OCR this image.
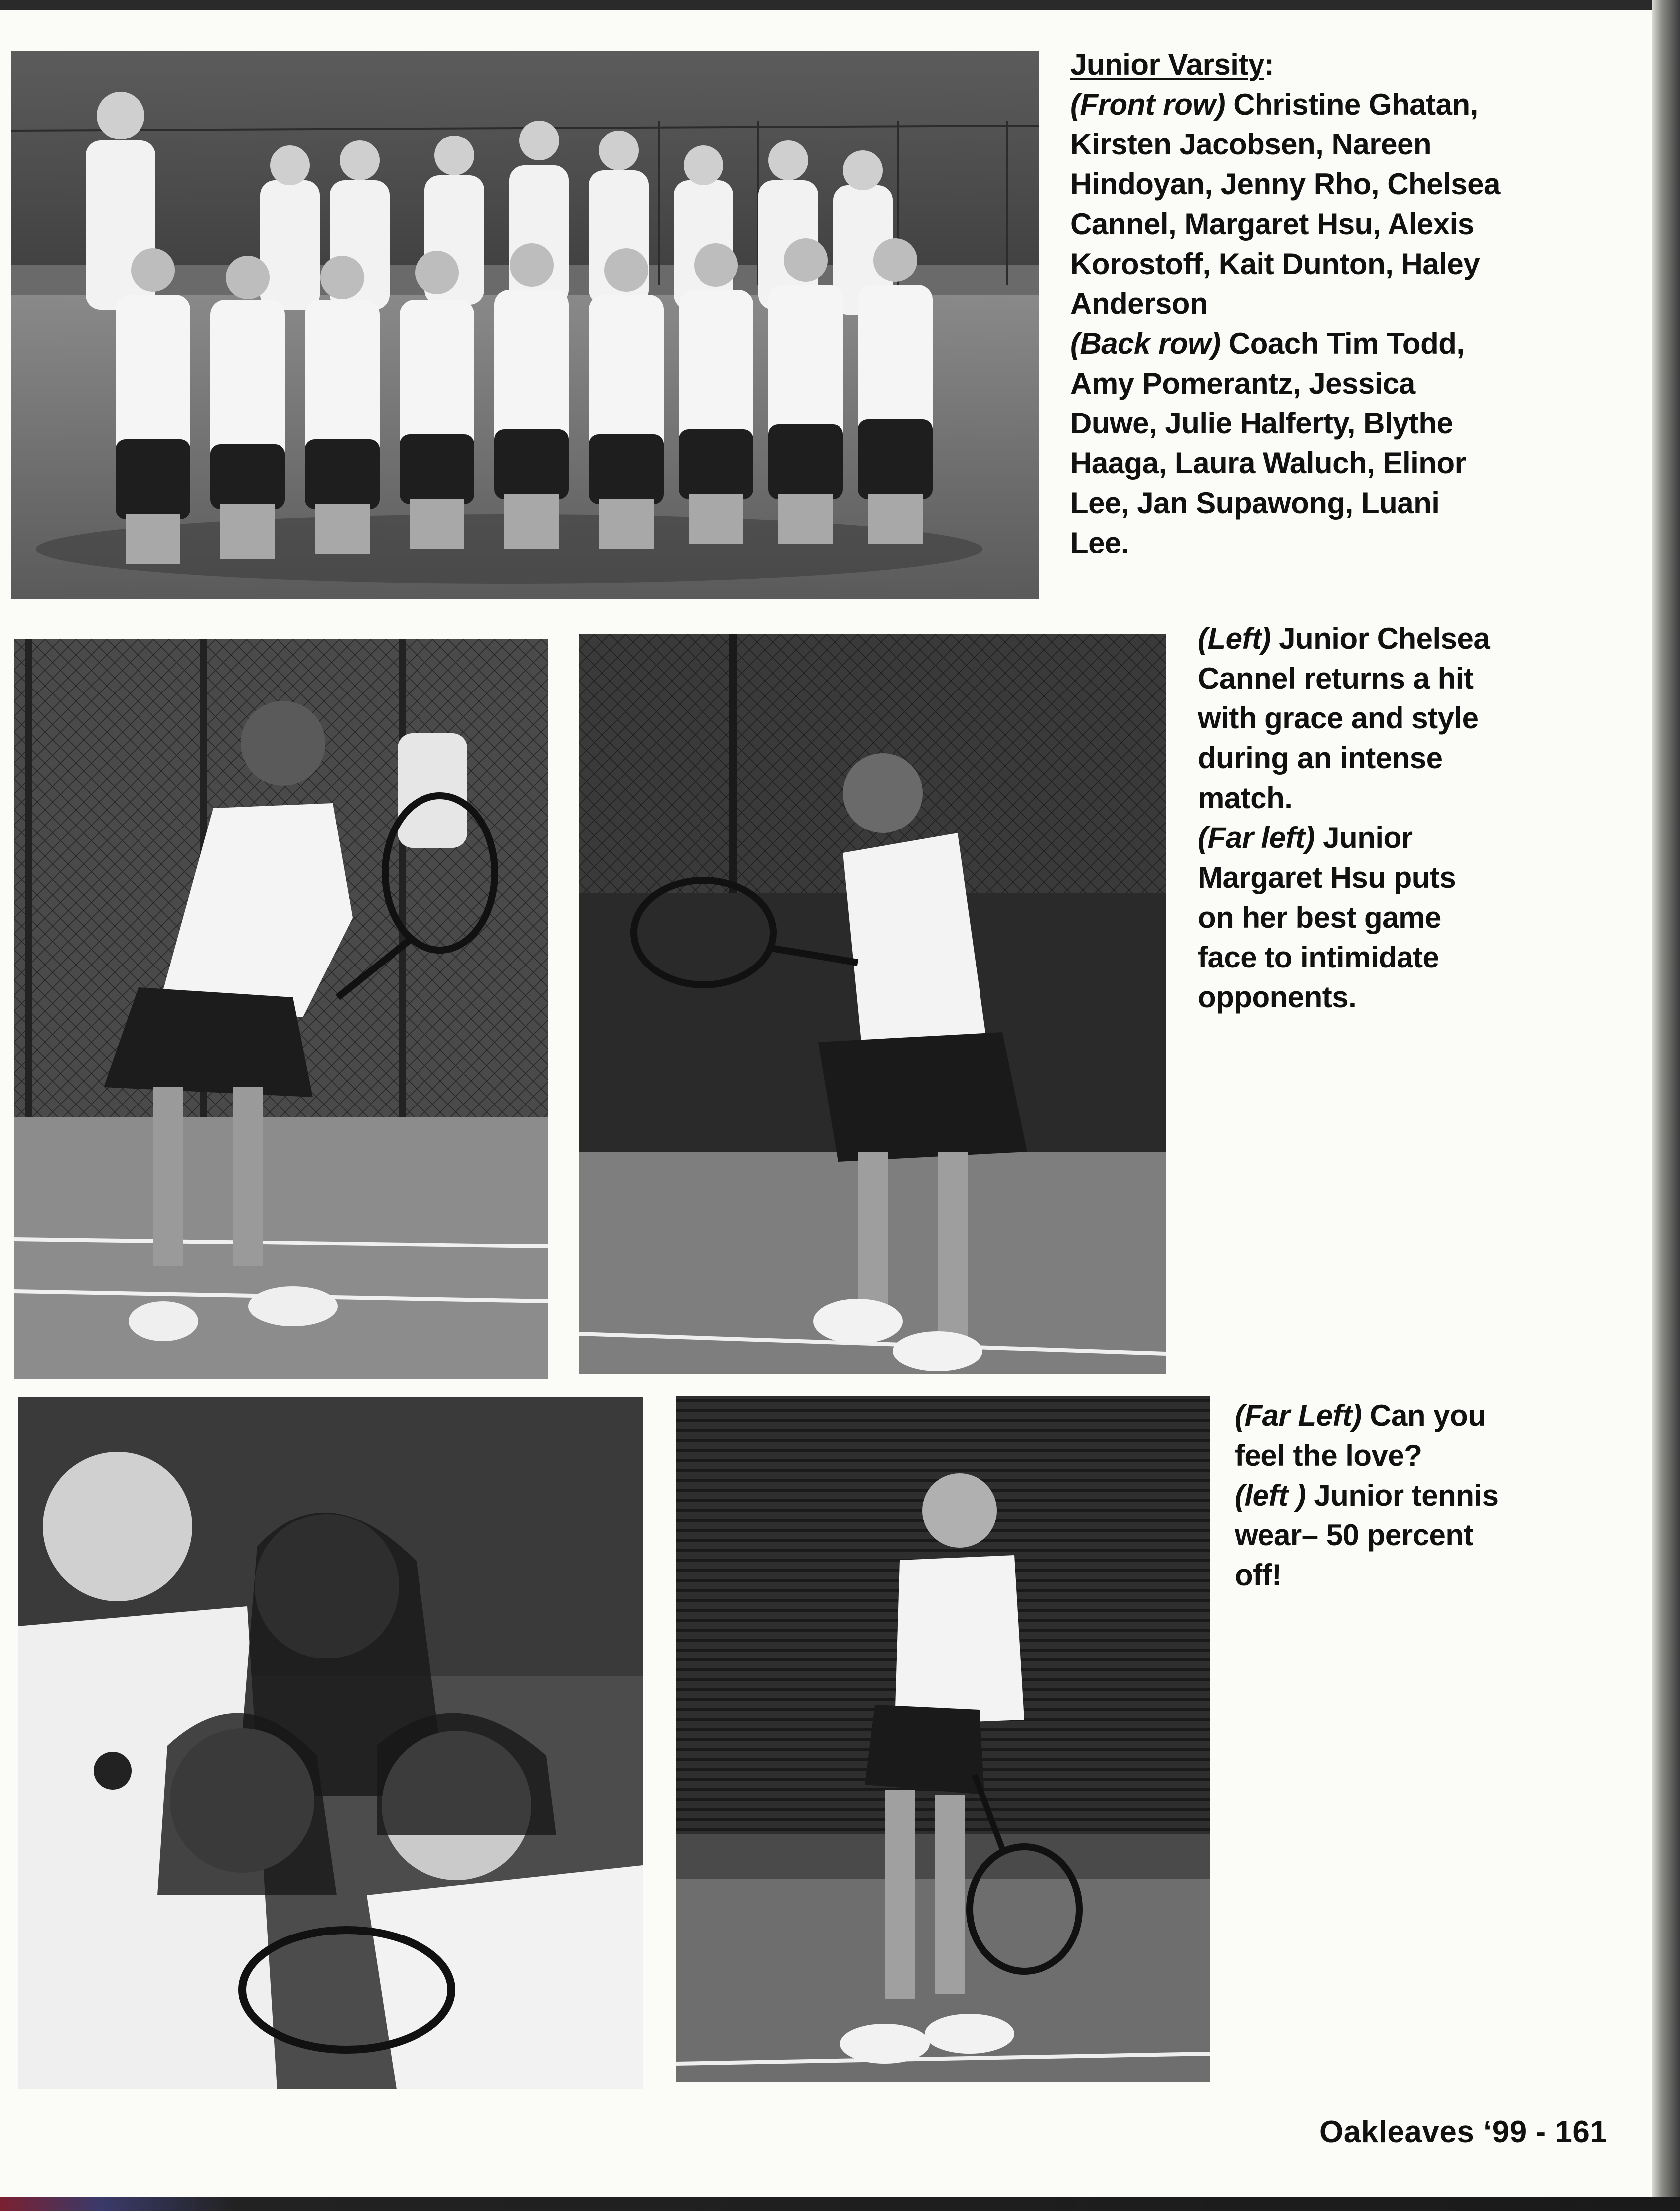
Junior Varsity:
(Front row) Christine Ghatan,
Kirsten Jacobsen, Nareen
Hindoyan, Jenny Rho, Chelsea
Cannel, Margaret Hsu, Alexis
Korostoff, Kait Dunton, Haley
Anderson
(Back row) Coach Tim Todd,
Amy Pomerantz, Jessica
Duwe, Julie Halferty, Blythe
Haaga, Laura Waluch, Elinor
Lee, Jan Supawong, Luani
Lee.
(Left) Junior Chelsea
Cannel returns a hit
with grace and style
during an intense
match.
(Far left) Junior
Margaret Hsu puts
on her best game
face to intimidate
opponents.
(Far Left) Can you
feel the love?
(left ) Junior tennis
wear– 50 percent
off!
Oakleaves ‘99 - 161
